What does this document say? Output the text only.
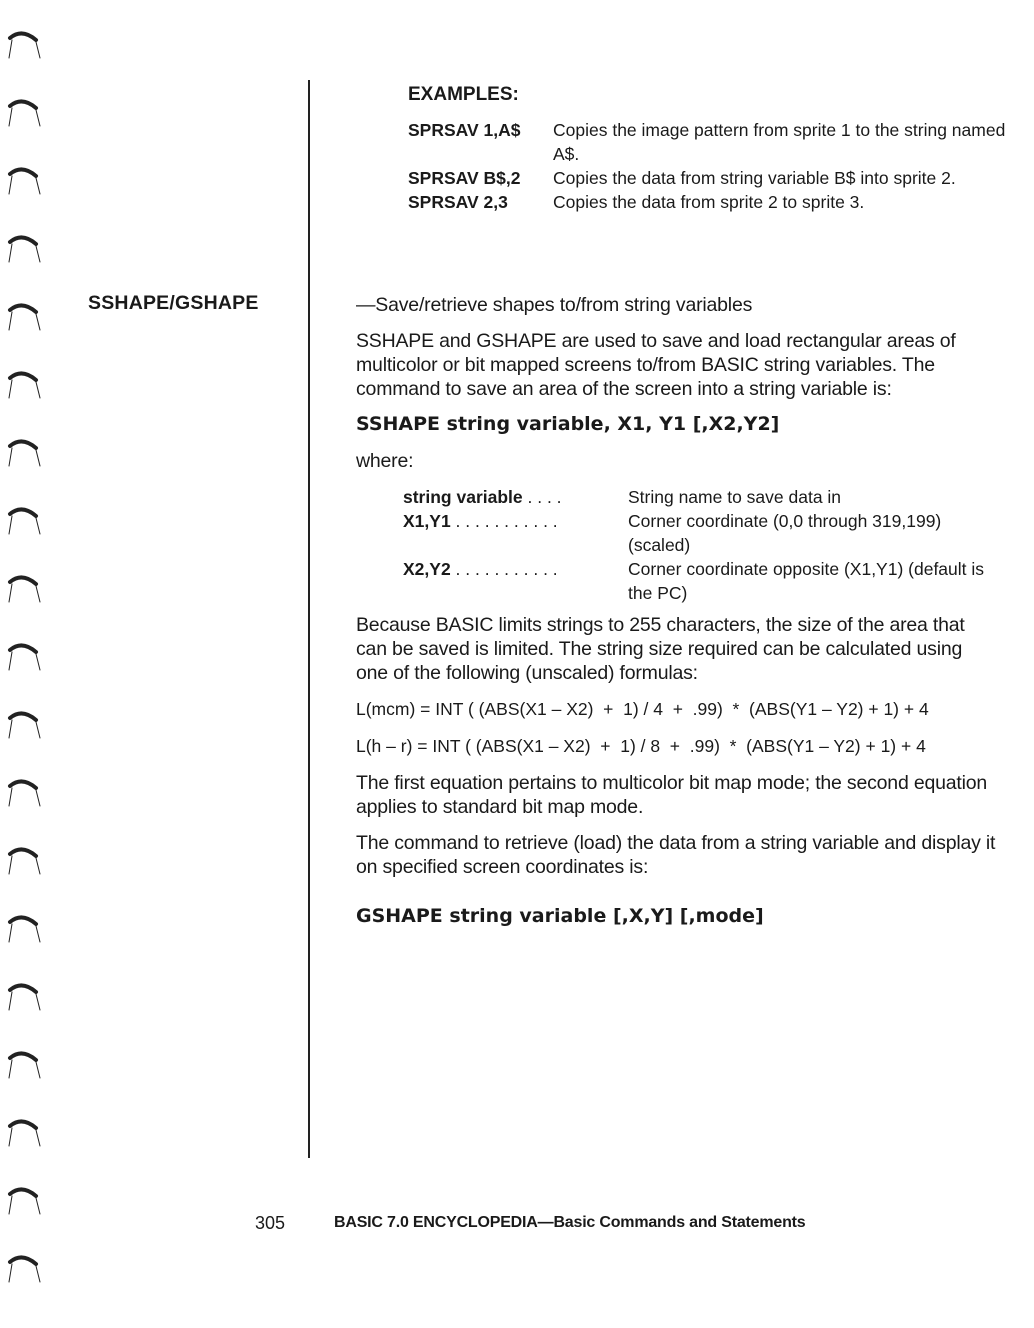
EXAMPLES:
SPRSAV 1,A$	Copies the image pattern from sprite 1 to the string named A$.
SPRSAV B$,2	Copies the data from string variable B$ into sprite 2.
SPRSAV 2,3	Copies the data from sprite 2 to sprite 3.
SSHAPE/GSHAPE	—Save/retrieve shapes to/from string variables

SSHAPE and GSHAPE are used to save and load rectangular areas of multicolor or bit mapped screens to/from BASIC string variables. The command to save an area of the screen into a string variable is:

SSHAPE string variable, X1, Y1 [,X2,Y2]

where:

string variable . . . .	String name to save data in
X1,Y1 . . . . . . . . . . .	Corner coordinate (0,0 through 319,199) (scaled)
X2,Y2 . . . . . . . . . . .	Corner coordinate opposite (X1,Y1) (default is the PC)

Because BASIC limits strings to 255 characters, the size of the area that can be saved is limited. The string size required can be calculated using one of the following (unscaled) formulas:

L(mcm) = INT ( (ABS(X1 – X2)  +  1) / 4  +  .99)  *  (ABS(Y1 – Y2) + 1) + 4
L(h – r) = INT ( (ABS(X1 – X2)  +  1) / 8  +  .99)  *  (ABS(Y1 – Y2) + 1) + 4

The first equation pertains to multicolor bit map mode; the second equation applies to standard bit map mode.

The command to retrieve (load) the data from a string variable and display it on specified screen coordinates is:

GSHAPE string variable [,X,Y] [,mode]
305	BASIC 7.0 ENCYCLOPEDIA—Basic Commands and Statements
